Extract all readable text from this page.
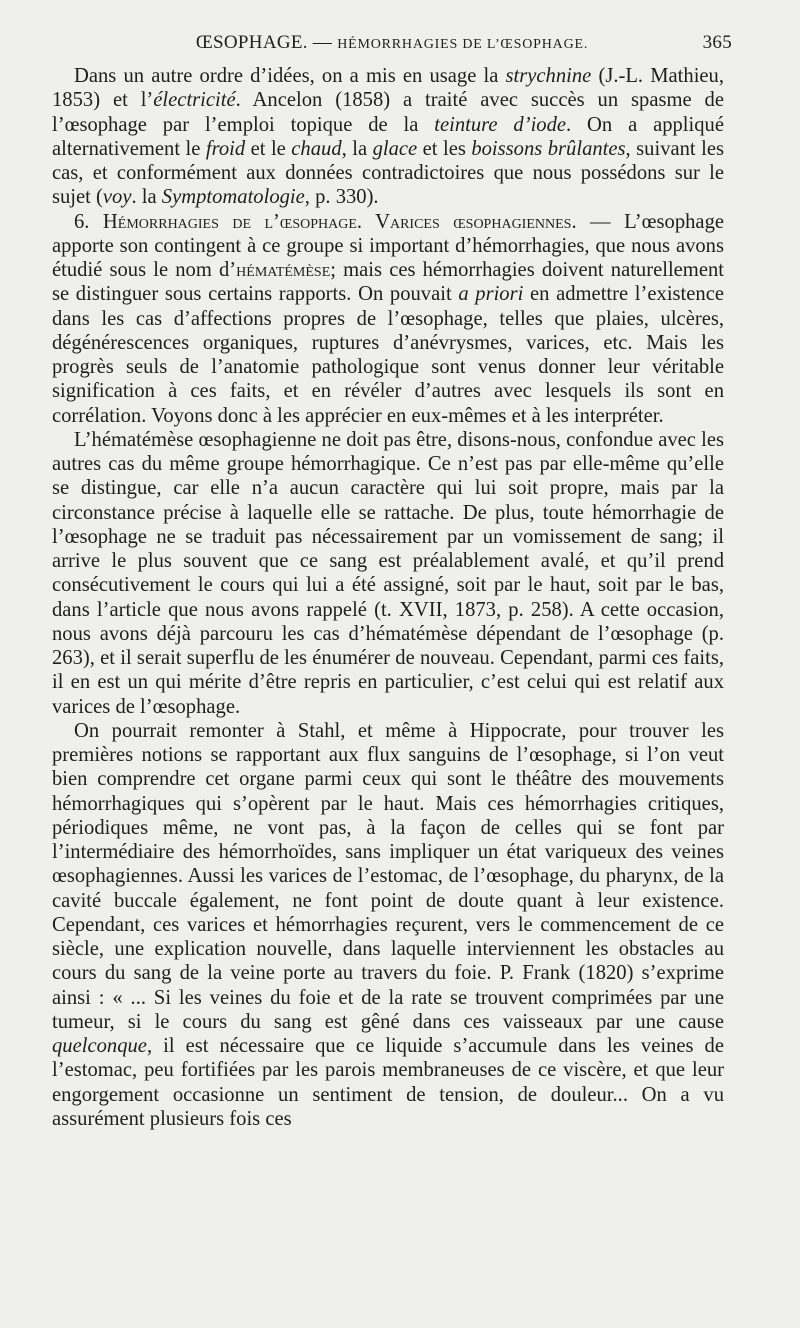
ŒSOPHAGE. — HÉMORRHAGIES DE L’ŒSOPHAGE.	365

Dans un autre ordre d’idées, on a mis en usage la strychnine (J.-L. Mathieu, 1853) et l’électricité. Ancelon (1858) a traité avec succès un spasme de l’œsophage par l’emploi topique de la teinture d’iode. On a appliqué alternativement le froid et le chaud, la glace et les boissons brûlantes, suivant les cas, et conformément aux données contradictoires que nous possédons sur le sujet (voy. la Symptomatologie, p. 330).

6. Hémorrhagies de l’œsophage. Varices œsophagiennes. — L’œsophage apporte son contingent à ce groupe si important d’hémorrhagies, que nous avons étudié sous le nom d’hématémèse; mais ces hémorrhagies doivent naturellement se distinguer sous certains rapports. On pouvait a priori en admettre l’existence dans les cas d’affections propres de l’œsophage, telles que plaies, ulcères, dégénérescences organiques, ruptures d’anévrysmes, varices, etc. Mais les progrès seuls de l’anatomie pathologique sont venus donner leur véritable signification à ces faits, et en révéler d’autres avec lesquels ils sont en corrélation. Voyons donc à les apprécier en eux-mêmes et à les interpréter.

L’hématémèse œsophagienne ne doit pas être, disons-nous, confondue avec les autres cas du même groupe hémorrhagique. Ce n’est pas par elle-même qu’elle se distingue, car elle n’a aucun caractère qui lui soit propre, mais par la circonstance précise à laquelle elle se rattache. De plus, toute hémorrhagie de l’œsophage ne se traduit pas nécessairement par un vomissement de sang; il arrive le plus souvent que ce sang est préalablement avalé, et qu’il prend consécutivement le cours qui lui a été assigné, soit par le haut, soit par le bas, dans l’article que nous avons rappelé (t. XVII, 1873, p. 258). A cette occasion, nous avons déjà parcouru les cas d’hématémèse dépendant de l’œsophage (p. 263), et il serait superflu de les énumérer de nouveau. Cependant, parmi ces faits, il en est un qui mérite d’être repris en particulier, c’est celui qui est relatif aux varices de l’œsophage.

On pourrait remonter à Stahl, et même à Hippocrate, pour trouver les premières notions se rapportant aux flux sanguins de l’œsophage, si l’on veut bien comprendre cet organe parmi ceux qui sont le théâtre des mouvements hémorrhagiques qui s’opèrent par le haut. Mais ces hémorrhagies critiques, périodiques même, ne vont pas, à la façon de celles qui se font par l’intermédiaire des hémorrhoïdes, sans impliquer un état variqueux des veines œsophagiennes. Aussi les varices de l’estomac, de l’œsophage, du pharynx, de la cavité buccale également, ne font point de doute quant à leur existence. Cependant, ces varices et hémorrhagies reçurent, vers le commencement de ce siècle, une explication nouvelle, dans laquelle interviennent les obstacles au cours du sang de la veine porte au travers du foie. P. Frank (1820) s’exprime ainsi : « ... Si les veines du foie et de la rate se trouvent comprimées par une tumeur, si le cours du sang est gêné dans ces vaisseaux par une cause quelconque, il est nécessaire que ce liquide s’accumule dans les veines de l’estomac, peu fortifiées par les parois membraneuses de ce viscère, et que leur engorgement occasionne un sentiment de tension, de douleur... On a vu assurément plusieurs fois ces
